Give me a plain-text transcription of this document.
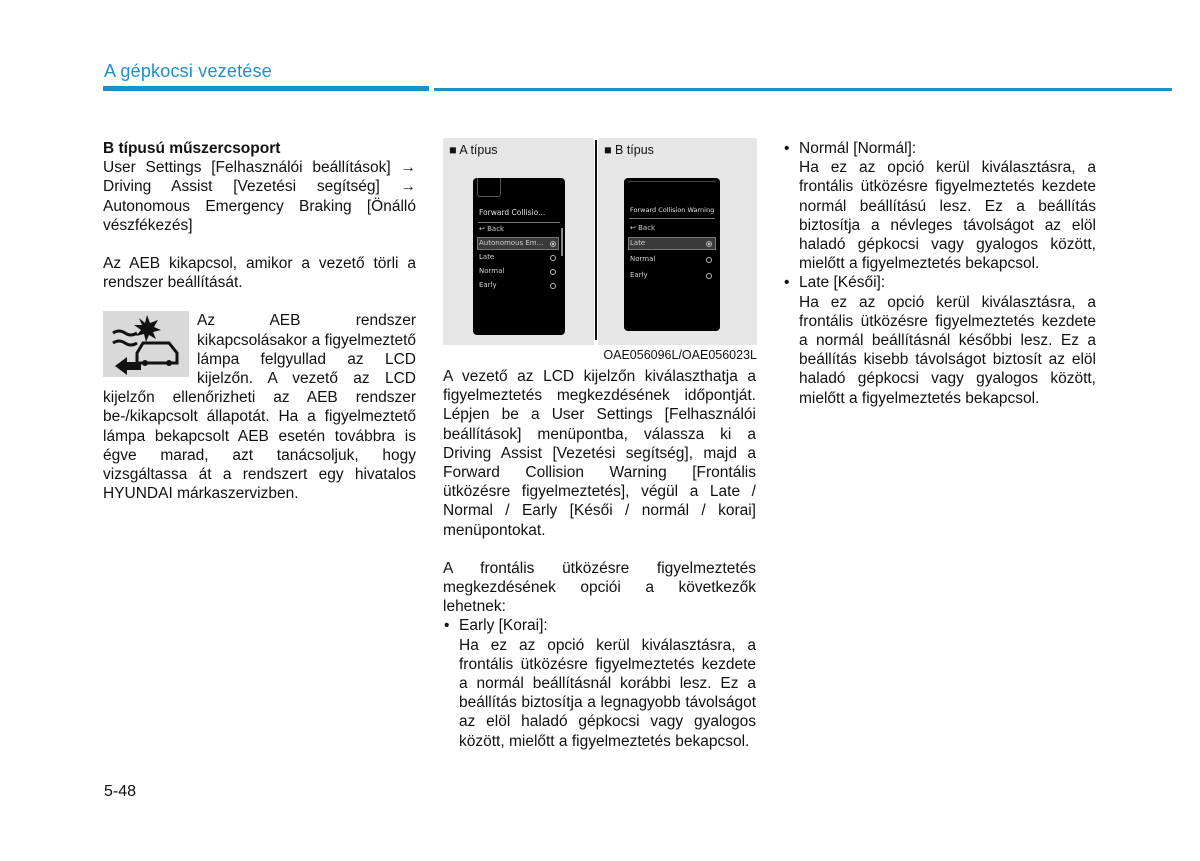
A gépkocsi vezetése

B típusú műszercsoport

User Settings [Felhasználói beállítások] → Driving Assist [Vezetési segítség] → Autonomous Emergency Braking [Önálló vészfékezés]

Az AEB kikapcsol, amikor a vezető törli a rendszer beállítását.

Az AEB rendszer kikapcsolásakor a figyelmeztető lámpa felgyullad az LCD kijelzőn. A vezető az LCD kijelzőn ellenőrizheti az AEB rendszer be-/kikapcsolt állapotát. Ha a figyelmeztető lámpa bekapcsolt AEB esetén továbbra is égve marad, azt tanácsoljuk, hogy vizsgáltassa át a rendszert egy hivatalos HYUNDAI márkaszervizben.

■ A típus
Forward Collisio...
↩ Back
Autonomous Em...
Late
Normal
Early
■ B típus
Forward Collision Warning
↩ Back
Late
Normal
Early
OAE056096L/OAE056023L

A vezető az LCD kijelzőn kiválaszthatja a figyelmeztetés megkezdésének időpontját. Lépjen be a User Settings [Felhasználói beállítások] menüpontba, válassza ki a Driving Assist [Vezetési segítség], majd a Forward Collision Warning [Frontális ütközésre figyelmeztetés], végül a Late / Normal / Early [Késői / normál / korai] menüpontokat.

A frontális ütközésre figyelmeztetés megkezdésének opciói a következők lehetnek:

• Early [Korai]:

Ha ez az opció kerül kiválasztásra, a frontális ütközésre figyelmeztetés kezdete a normál beállításnál korábbi lesz. Ez a beállítás biztosítja a legnagyobb távolságot az elöl haladó gépkocsi vagy gyalogos között, mielőtt a figyelmeztetés bekapcsol.

• Normál [Normál]:

Ha ez az opció kerül kiválasztásra, a frontális ütközésre figyelmeztetés kezdete normál beállítású lesz. Ez a beállítás biztosítja a névleges távolságot az elöl haladó gépkocsi vagy gyalogos között, mielőtt a figyelmeztetés bekapcsol.

• Late [Késői]:

Ha ez az opció kerül kiválasztásra, a frontális ütközésre figyelmeztetés kezdete a normál beállításnál későbbi lesz. Ez a beállítás kisebb távolságot biztosít az elöl haladó gépkocsi vagy gyalogos között, mielőtt a figyelmeztetés bekapcsol.

5-48
